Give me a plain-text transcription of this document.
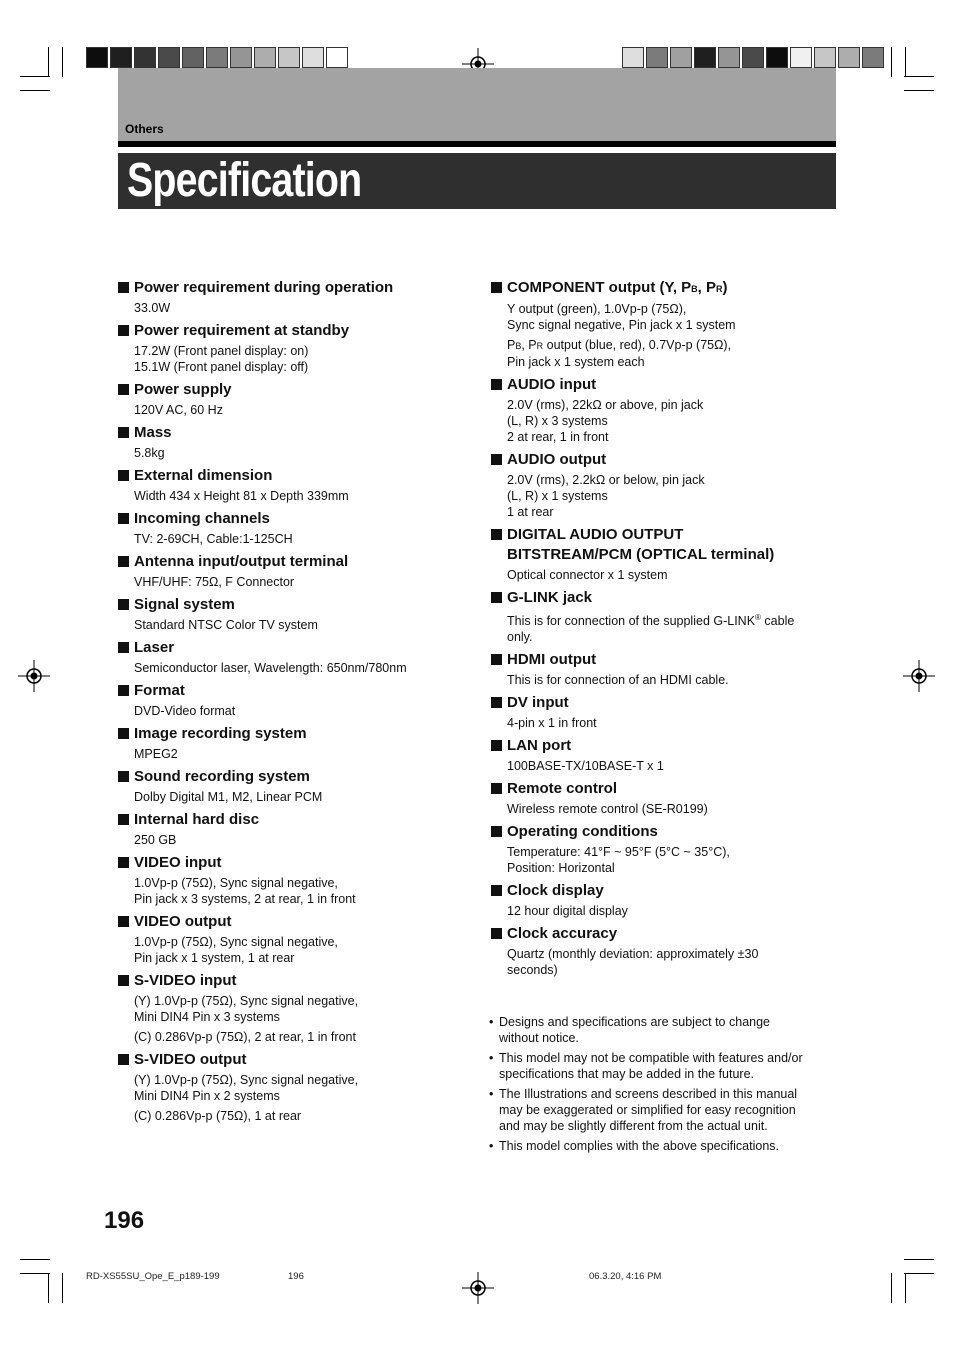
Others
Specification
Power requirement during operation
33.0W
Power requirement at standby
17.2W (Front panel display: on)
15.1W (Front panel display: off)
Power supply
120V AC, 60 Hz
Mass
5.8kg
External dimension
Width 434 x Height 81 x Depth 339mm
Incoming channels
TV: 2-69CH, Cable:1-125CH
Antenna input/output terminal
VHF/UHF: 75Ω, F Connector
Signal system
Standard NTSC Color TV system
Laser
Semiconductor laser, Wavelength: 650nm/780nm
Format
DVD-Video format
Image recording system
MPEG2
Sound recording system
Dolby Digital M1, M2, Linear PCM
Internal hard disc
250 GB
VIDEO input
1.0Vp-p (75Ω), Sync signal negative,
Pin jack x 3 systems, 2 at rear, 1 in front
VIDEO output
1.0Vp-p (75Ω), Sync signal negative,
Pin jack x 1 system, 1 at rear
S-VIDEO input
(Y) 1.0Vp-p (75Ω), Sync signal negative,
Mini DIN4 Pin x 3 systems
(C) 0.286Vp-p (75Ω), 2 at rear, 1 in front
S-VIDEO output
(Y) 1.0Vp-p (75Ω), Sync signal negative,
Mini DIN4 Pin x 2 systems
(C) 0.286Vp-p (75Ω), 1 at rear
COMPONENT output (Y, PB, PR)
Y output (green), 1.0Vp-p (75Ω),
Sync signal negative, Pin jack x 1 system
PB, PR output (blue, red), 0.7Vp-p (75Ω),
Pin jack x 1 system each
AUDIO input
2.0V (rms), 22kΩ or above, pin jack
(L, R) x 3 systems
2 at rear, 1 in front
AUDIO output
2.0V (rms), 2.2kΩ or below, pin jack
(L, R) x 1 systems
1 at rear
DIGITAL AUDIO OUTPUT
BITSTREAM/PCM (OPTICAL terminal)
Optical connector x 1 system
G-LINK jack
This is for connection of the supplied G-LINK® cable
only.
HDMI output
This is for connection of an HDMI cable.
DV input
4-pin x 1 in front
LAN port
100BASE-TX/10BASE-T x 1
Remote control
Wireless remote control (SE-R0199)
Operating conditions
Temperature: 41°F ~ 95°F (5°C ~ 35°C),
Position: Horizontal
Clock display
12 hour digital display
Clock accuracy
Quartz (monthly deviation: approximately ±30
seconds)
• Designs and specifications are subject to change
without notice.
• This model may not be compatible with features and/or
specifications that may be added in the future.
• The Illustrations and screens described in this manual
may be exaggerated or simplified for easy recognition
and may be slightly different from the actual unit.
• This model complies with the above specifications.
196
RD-XS55SU_Ope_E_p189-199	196	06.3.20, 4:16 PM
